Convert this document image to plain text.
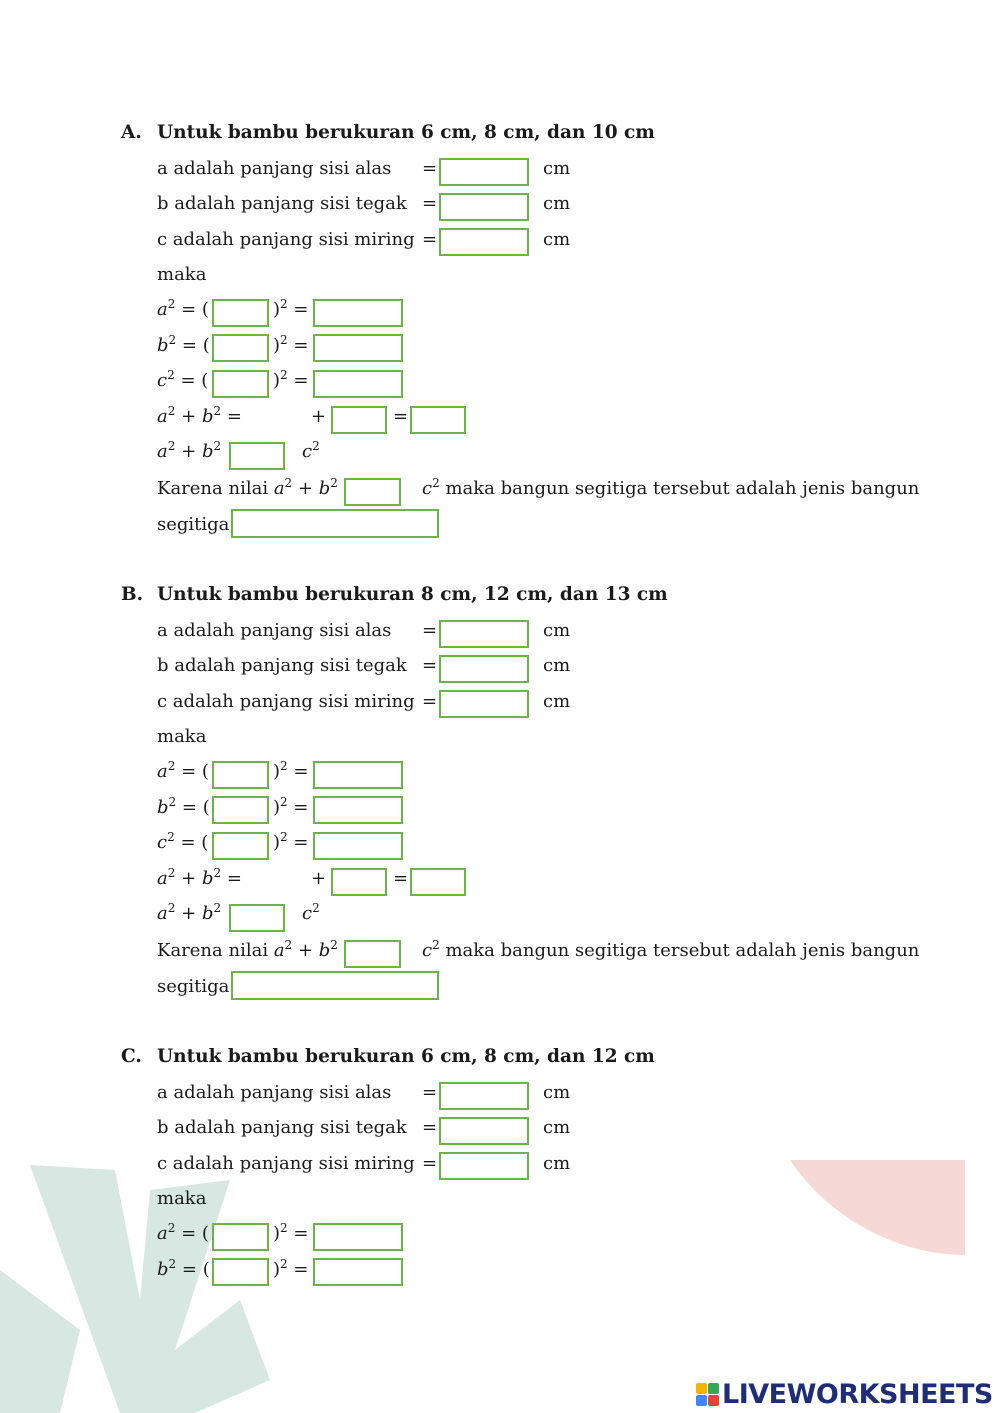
A. Untuk bambu berukuran 6 cm, 8 cm, dan 10 cm
a adalah panjang sisi alas =	cm
b adalah panjang sisi tegak =	cm
c adalah panjang sisi miring =	cm
maka
$a^2$ = (	)$^2$ =
$b^2$ = (	)$^2$ =
$c^2$ = (	)$^2$ =
$a^2 + b^2$ =	+	=
$a^2 + b^2$	$c^2$
Karena nilai $a^2 + b^2$	$c^2$ maka bangun segitiga tersebut adalah jenis bangun
segitiga
B. Untuk bambu berukuran 8 cm, 12 cm, dan 13 cm
a adalah panjang sisi alas =	cm
b adalah panjang sisi tegak =	cm
c adalah panjang sisi miring =	cm
maka
$a^2$ = (	)$^2$ =
$b^2$ = (	)$^2$ =
$c^2$ = (	)$^2$ =
$a^2 + b^2$ =	+	=
$a^2 + b^2$	$c^2$
Karena nilai $a^2 + b^2$	$c^2$ maka bangun segitiga tersebut adalah jenis bangun
segitiga
C. Untuk bambu berukuran 6 cm, 8 cm, dan 12 cm
a adalah panjang sisi alas =	cm
b adalah panjang sisi tegak =	cm
c adalah panjang sisi miring =	cm
maka
$a^2$ = (	)$^2$ =
$b^2$ = (	)$^2$ =
LIVEWORKSHEETS
